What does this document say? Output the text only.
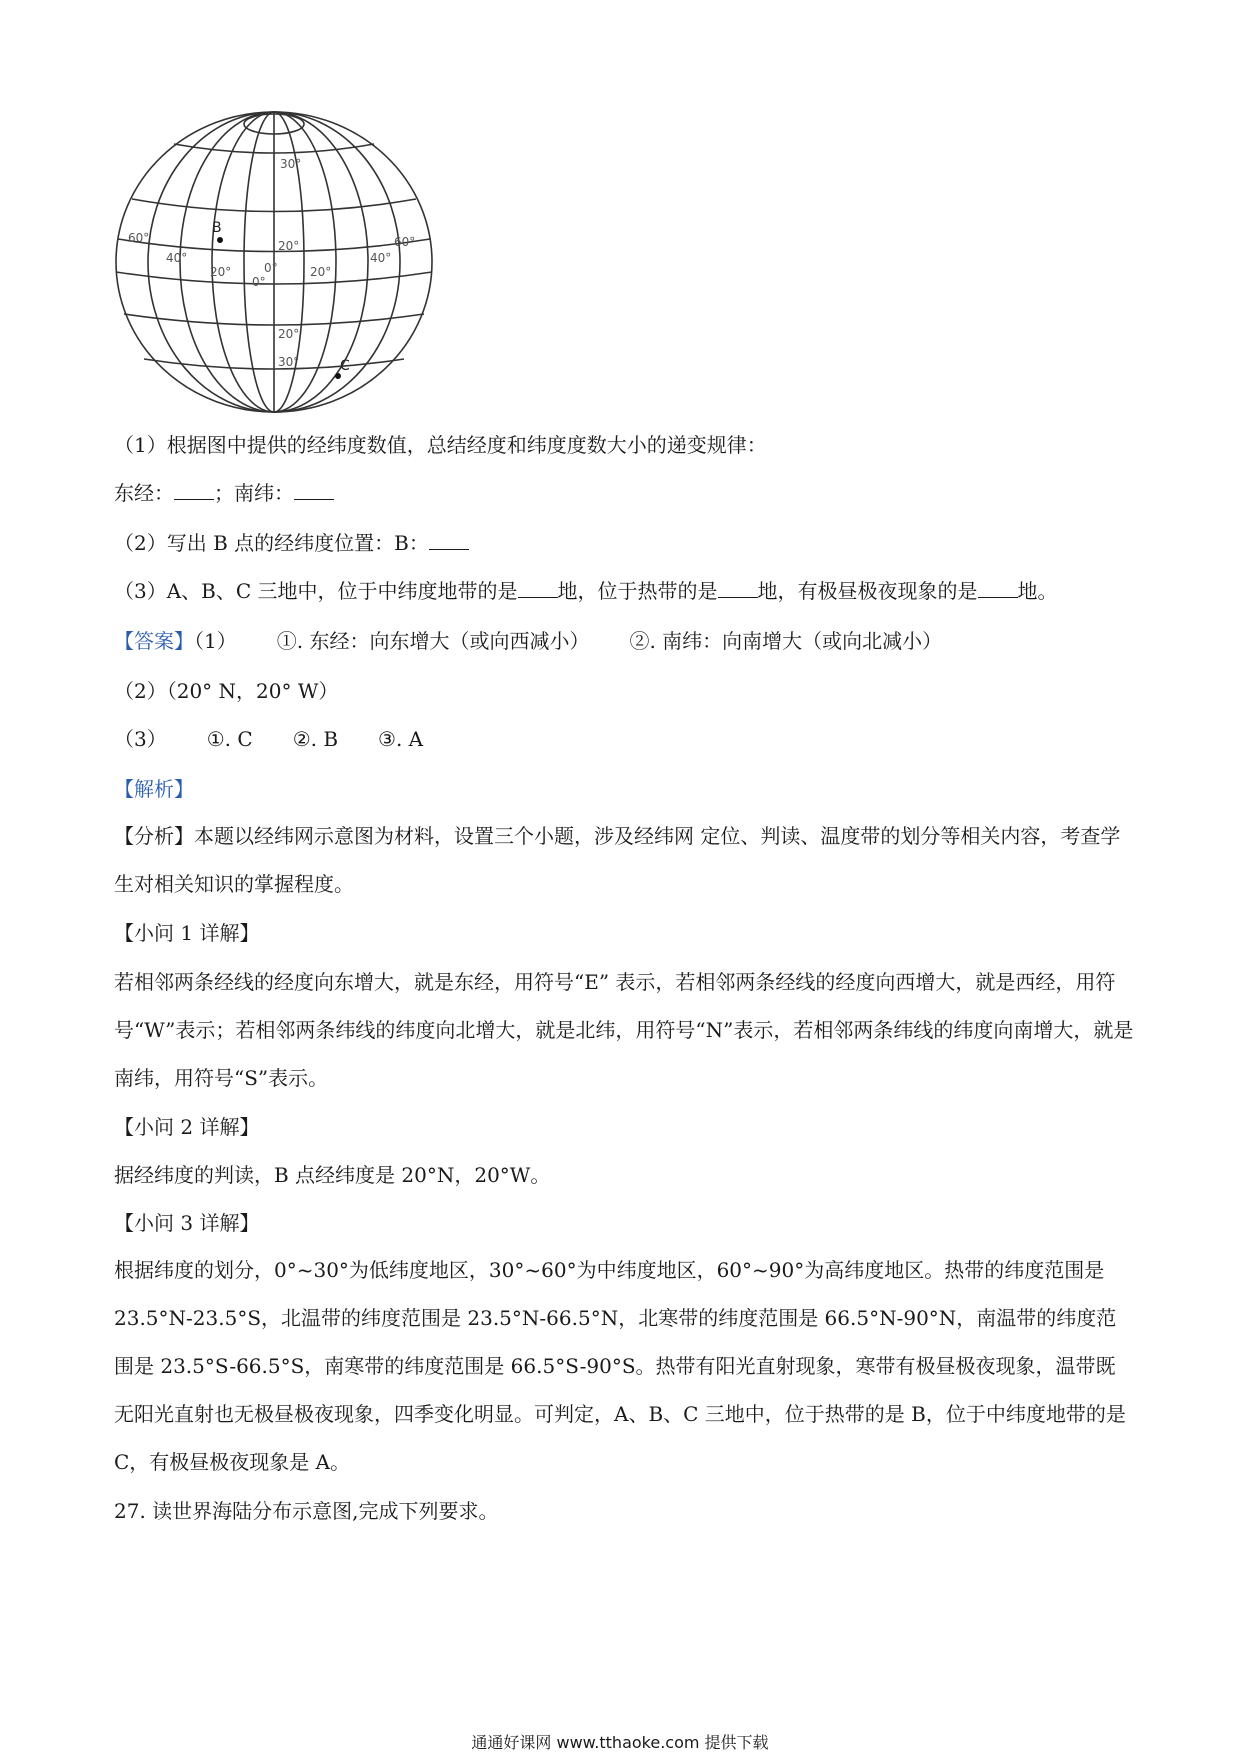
30°
0°
20°
20°
30°
40°
20°
0°
20°
40°
60°	60°
B
C
（1）根据图中提供的经纬度数值，总结经度和纬度度数大小的递变规律：
东经： ；南纬：
（2）写出 B 点的经纬度位置：B：
（3）A、B、C 三地中，位于中纬度地带的是 地，位于热带的是 地，有极昼极夜现象的是 地。
【答案】（1） ①. 东经：向东增大（或向西减小） ②. 南纬：向南增大（或向北减小）
（2）（20° N，20° W）
（3） ①. C ②. B ③. A
【解析】
【分析】本题以经纬网示意图为材料，设置三个小题，涉及经纬网 定位、判读、温度带的划分等相关内容，考查学生对相关知识的掌握程度。
【小问 1 详解】
若相邻两条经线的经度向东增大，就是东经，用符号“E” 表示，若相邻两条经线的经度向西增大，就是西经，用符号“W”表示；若相邻两条纬线的纬度向北增大，就是北纬，用符号“N”表示，若相邻两条纬线的纬度向南增大，就是南纬，用符号“S”表示。
【小问 2 详解】
据经纬度的判读，B 点经纬度是 20°N，20°W。
【小问 3 详解】
根据纬度的划分，0°~30°为低纬度地区，30°~60°为中纬度地区，60°~90°为高纬度地区。热带的纬度范围是 23.5°N-23.5°S，北温带的纬度范围是 23.5°N-66.5°N，北寒带的纬度范围是 66.5°N-90°N，南温带的纬度范围是 23.5°S-66.5°S，南寒带的纬度范围是 66.5°S-90°S。热带有阳光直射现象，寒带有极昼极夜现象，温带既无阳光直射也无极昼极夜现象，四季变化明显。可判定，A、B、C 三地中，位于热带的是 B，位于中纬度地带的是 C，有极昼极夜现象是 A。
27. 读世界海陆分布示意图,完成下列要求。
通通好课网 www.tthaoke.com 提供下载
